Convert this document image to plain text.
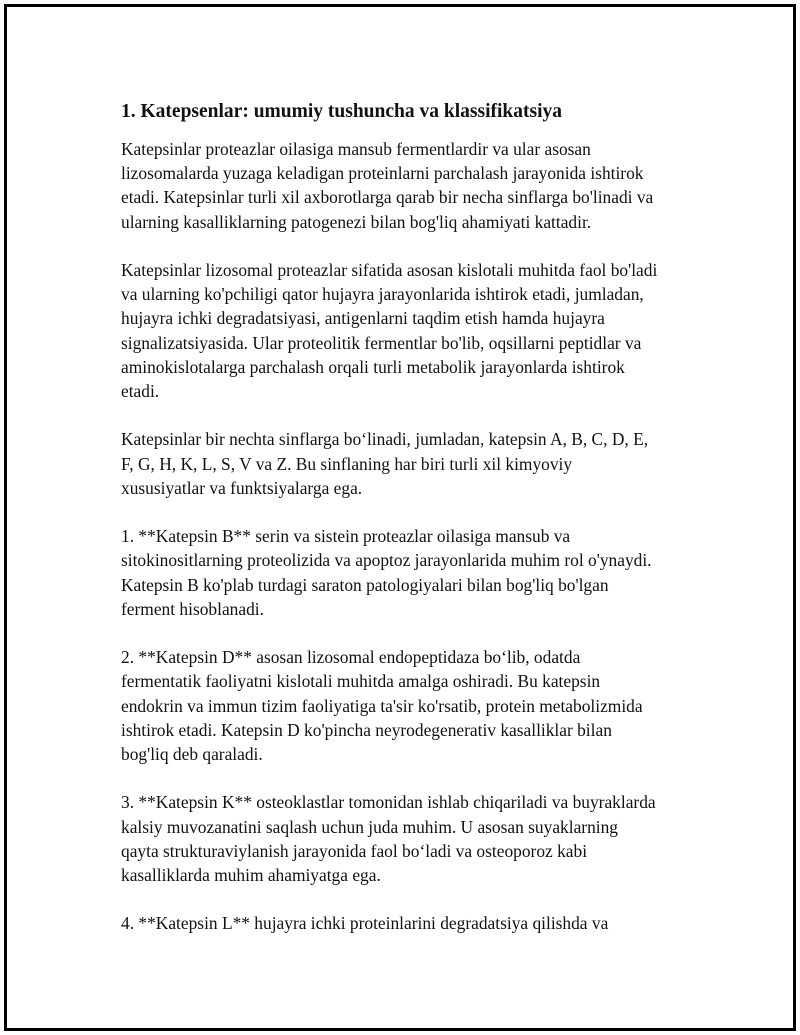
1. Katepsenlar: umumiy tushuncha va klassifikatsiya
Katepsinlar proteazlar oilasiga mansub fermentlardir va ular asosan
lizosomalarda yuzaga keladigan proteinlarni parchalash jarayonida ishtirok
etadi. Katepsinlar turli xil axborotlarga qarab bir necha sinflarga bo'linadi va
ularning kasalliklarning patogenezi bilan bog'liq ahamiyati kattadir.
Katepsinlar lizosomal proteazlar sifatida asosan kislotali muhitda faol bo'ladi
va ularning ko'pchiligi qator hujayra jarayonlarida ishtirok etadi, jumladan,
hujayra ichki degradatsiyasi, antigenlarni taqdim etish hamda hujayra
signalizatsiyasida. Ular proteolitik fermentlar bo'lib, oqsillarni peptidlar va
aminokislotalarga parchalash orqali turli metabolik jarayonlarda ishtirok
etadi.
Katepsinlar bir nechta sinflarga bo‘linadi, jumladan, katepsin A, B, C, D, E,
F, G, H, K, L, S, V va Z. Bu sinflaning har biri turli xil kimyoviy
xususiyatlar va funktsiyalarga ega.
1. **Katepsin B** serin va sistein proteazlar oilasiga mansub va
sitokinositlarning proteolizida va apoptoz jarayonlarida muhim rol o'ynaydi.
Katepsin B ko'plab turdagi saraton patologiyalari bilan bog'liq bo'lgan
ferment hisoblanadi.
2. **Katepsin D** asosan lizosomal endopeptidaza bo‘lib, odatda
fermentatik faoliyatni kislotali muhitda amalga oshiradi. Bu katepsin
endokrin va immun tizim faoliyatiga ta'sir ko'rsatib, protein metabolizmida
ishtirok etadi. Katepsin D ko'pincha neyrodegenerativ kasalliklar bilan
bog'liq deb qaraladi.
3. **Katepsin K** osteoklastlar tomonidan ishlab chiqariladi va buyraklarda
kalsiy muvozanatini saqlash uchun juda muhim. U asosan suyaklarning
qayta strukturaviylanish jarayonida faol bo‘ladi va osteoporoz kabi
kasalliklarda muhim ahamiyatga ega.
4. **Katepsin L** hujayra ichki proteinlarini degradatsiya qilishda va
